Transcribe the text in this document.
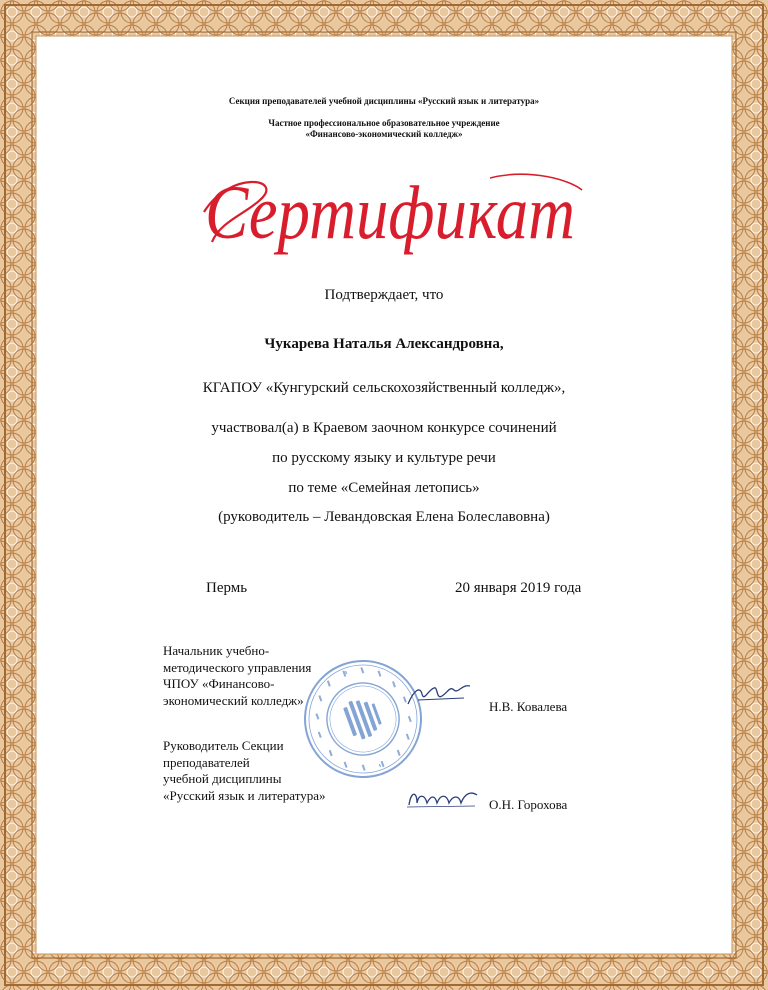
Секция преподавателей учебной дисциплины «Русский язык и литература»
Частное профессиональное образовательное учреждение
«Финансово-экономический колледж»
Сертификат
Подтверждает, что
Чукарева Наталья Александровна,
КГАПОУ «Кунгурский сельскохозяйственный колледж»,
участвовал(а) в Краевом заочном конкурсе сочинений
по русскому языку и культуре речи
по теме «Семейная летопись»
(руководитель – Левандовская Елена Болеславовна)
Пермь	20 января 2019 года
Начальник учебно-
методического управления
ЧПОУ «Финансово-
экономический колледж»	Н.В. Ковалева
Руководитель Секции
преподавателей
учебной дисциплины
«Русский язык и литература»
О.Н. Горохова
